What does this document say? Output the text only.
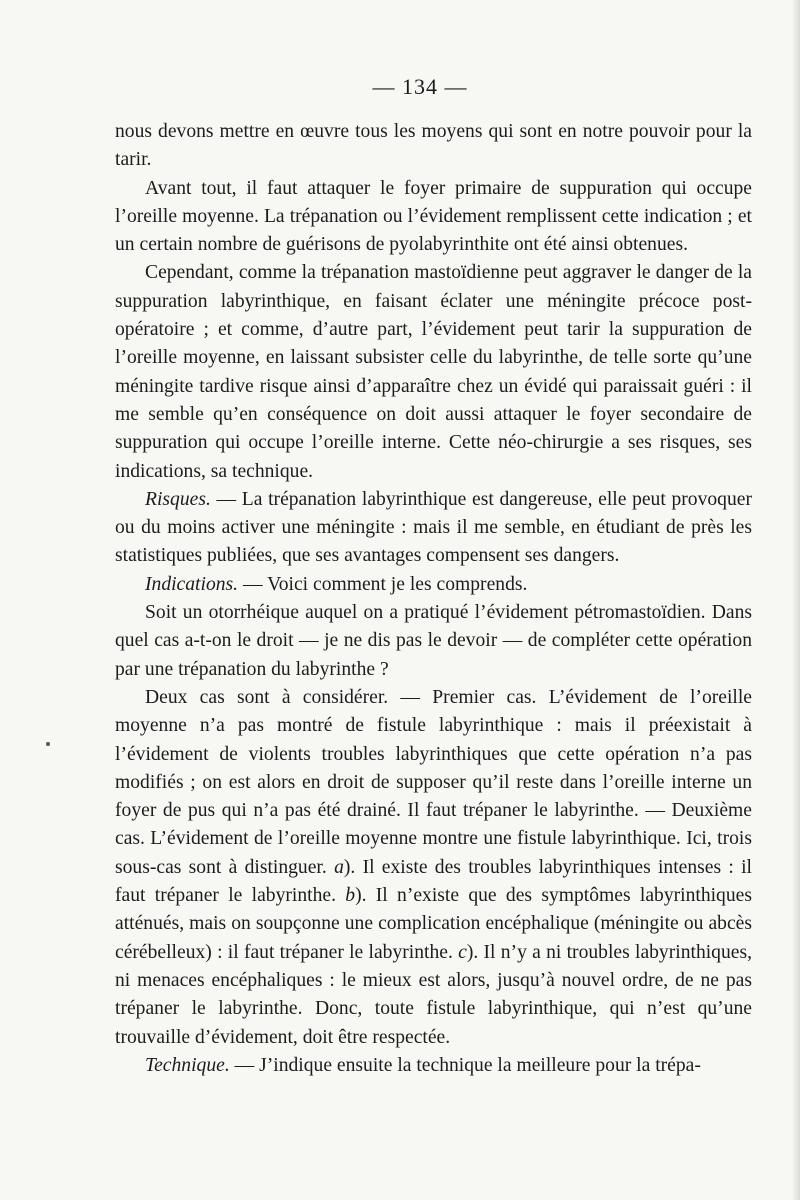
— 134 —

nous devons mettre en œuvre tous les moyens qui sont en notre pouvoir pour la tarir.

Avant tout, il faut attaquer le foyer primaire de suppuration qui occupe l’oreille moyenne. La trépanation ou l’évidement remplissent cette indication ; et un certain nombre de guérisons de pyolabyrinthite ont été ainsi obtenues.

Cependant, comme la trépanation mastoïdienne peut aggraver le danger de la suppuration labyrinthique, en faisant éclater une méningite précoce post-opératoire ; et comme, d’autre part, l’évidement peut tarir la suppuration de l’oreille moyenne, en laissant subsister celle du labyrinthe, de telle sorte qu’une méningite tardive risque ainsi d’apparaître chez un évidé qui paraissait guéri : il me semble qu’en conséquence on doit aussi attaquer le foyer secondaire de suppuration qui occupe l’oreille interne. Cette néo-chirurgie a ses risques, ses indications, sa technique.

Risques. — La trépanation labyrinthique est dangereuse, elle peut provoquer ou du moins activer une méningite : mais il me semble, en étudiant de près les statistiques publiées, que ses avantages compensent ses dangers.

Indications. — Voici comment je les comprends.

Soit un otorrhéique auquel on a pratiqué l’évidement pétromastoïdien. Dans quel cas a-t-on le droit — je ne dis pas le devoir — de compléter cette opération par une trépanation du labyrinthe ?

Deux cas sont à considérer. — Premier cas. L’évidement de l’oreille moyenne n’a pas montré de fistule labyrinthique : mais il préexistait à l’évidement de violents troubles labyrinthiques que cette opération n’a pas modifiés ; on est alors en droit de supposer qu’il reste dans l’oreille interne un foyer de pus qui n’a pas été drainé. Il faut trépaner le labyrinthe. — Deuxième cas. L’évidement de l’oreille moyenne montre une fistule labyrinthique. Ici, trois sous-cas sont à distinguer. a). Il existe des troubles labyrinthiques intenses : il faut trépaner le labyrinthe. b). Il n’existe que des symptômes labyrinthiques atténués, mais on soupçonne une complication encéphalique (méningite ou abcès cérébelleux) : il faut trépaner le labyrinthe. c). Il n’y a ni troubles labyrinthiques, ni menaces encéphaliques : le mieux est alors, jusqu’à nouvel ordre, de ne pas trépaner le labyrinthe. Donc, toute fistule labyrinthique, qui n’est qu’une trouvaille d’évidement, doit être respectée.

Technique. — J’indique ensuite la technique la meilleure pour la trépa-
